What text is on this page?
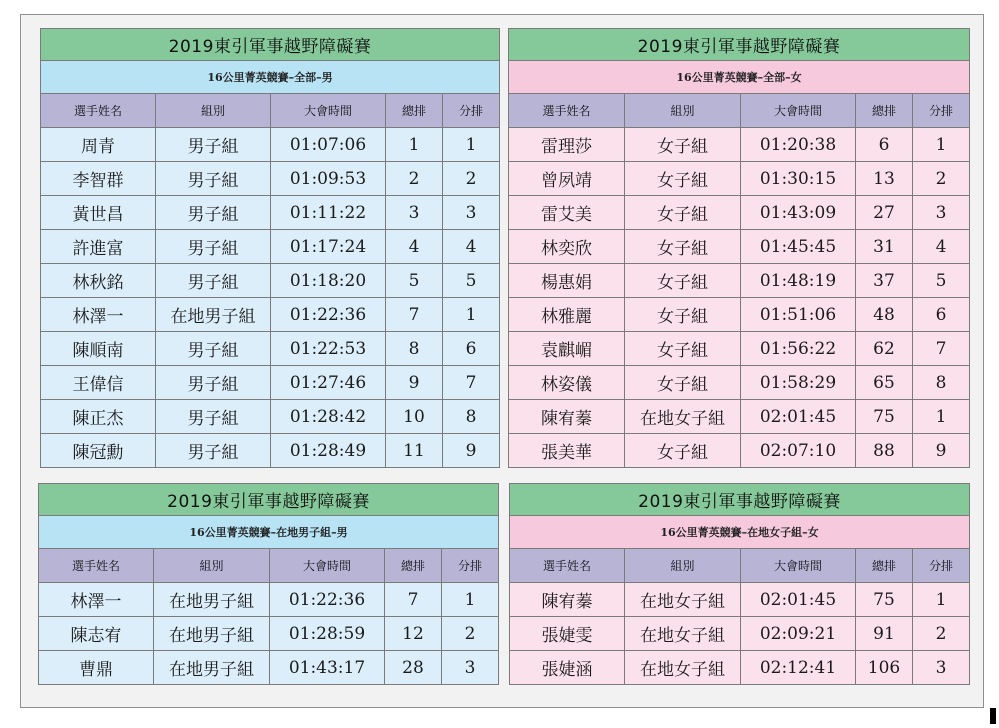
2019東引軍事越野障礙賽				
16公里菁英競賽–全部–男				
選手姓名	組別	大會時間	總排	分排
周青	男子組	01:07:06	1	1
李智群	男子組	01:09:53	2	2
黃世昌	男子組	01:11:22	3	3
許進富	男子組	01:17:24	4	4
林秋銘	男子組	01:18:20	5	5
林澤一	在地男子組	01:22:36	7	1
陳順南	男子組	01:22:53	8	6
王偉信	男子組	01:27:46	9	7
陳正杰	男子組	01:28:42	10	8
陳冠勳	男子組	01:28:49	11	9
2019東引軍事越野障礙賽				
16公里菁英競賽–全部–女				
選手姓名	組別	大會時間	總排	分排
雷理莎	女子組	01:20:38	6	1
曾夙靖	女子組	01:30:15	13	2
雷艾美	女子組	01:43:09	27	3
林奕欣	女子組	01:45:45	31	4
楊惠娟	女子組	01:48:19	37	5
林雅麗	女子組	01:51:06	48	6
袁麒嵋	女子組	01:56:22	62	7
林姿儀	女子組	01:58:29	65	8
陳宥蓁	在地女子組	02:01:45	75	1
張美華	女子組	02:07:10	88	9
2019東引軍事越野障礙賽				
16公里菁英競賽–在地男子組–男				
選手姓名	組別	大會時間	總排	分排
林澤一	在地男子組	01:22:36	7	1
陳志宥	在地男子組	01:28:59	12	2
曹鼎	在地男子組	01:43:17	28	3
2019東引軍事越野障礙賽				
16公里菁英競賽–在地女子組–女				
選手姓名	組別	大會時間	總排	分排
陳宥蓁	在地女子組	02:01:45	75	1
張婕雯	在地女子組	02:09:21	91	2
張婕涵	在地女子組	02:12:41	106	3
